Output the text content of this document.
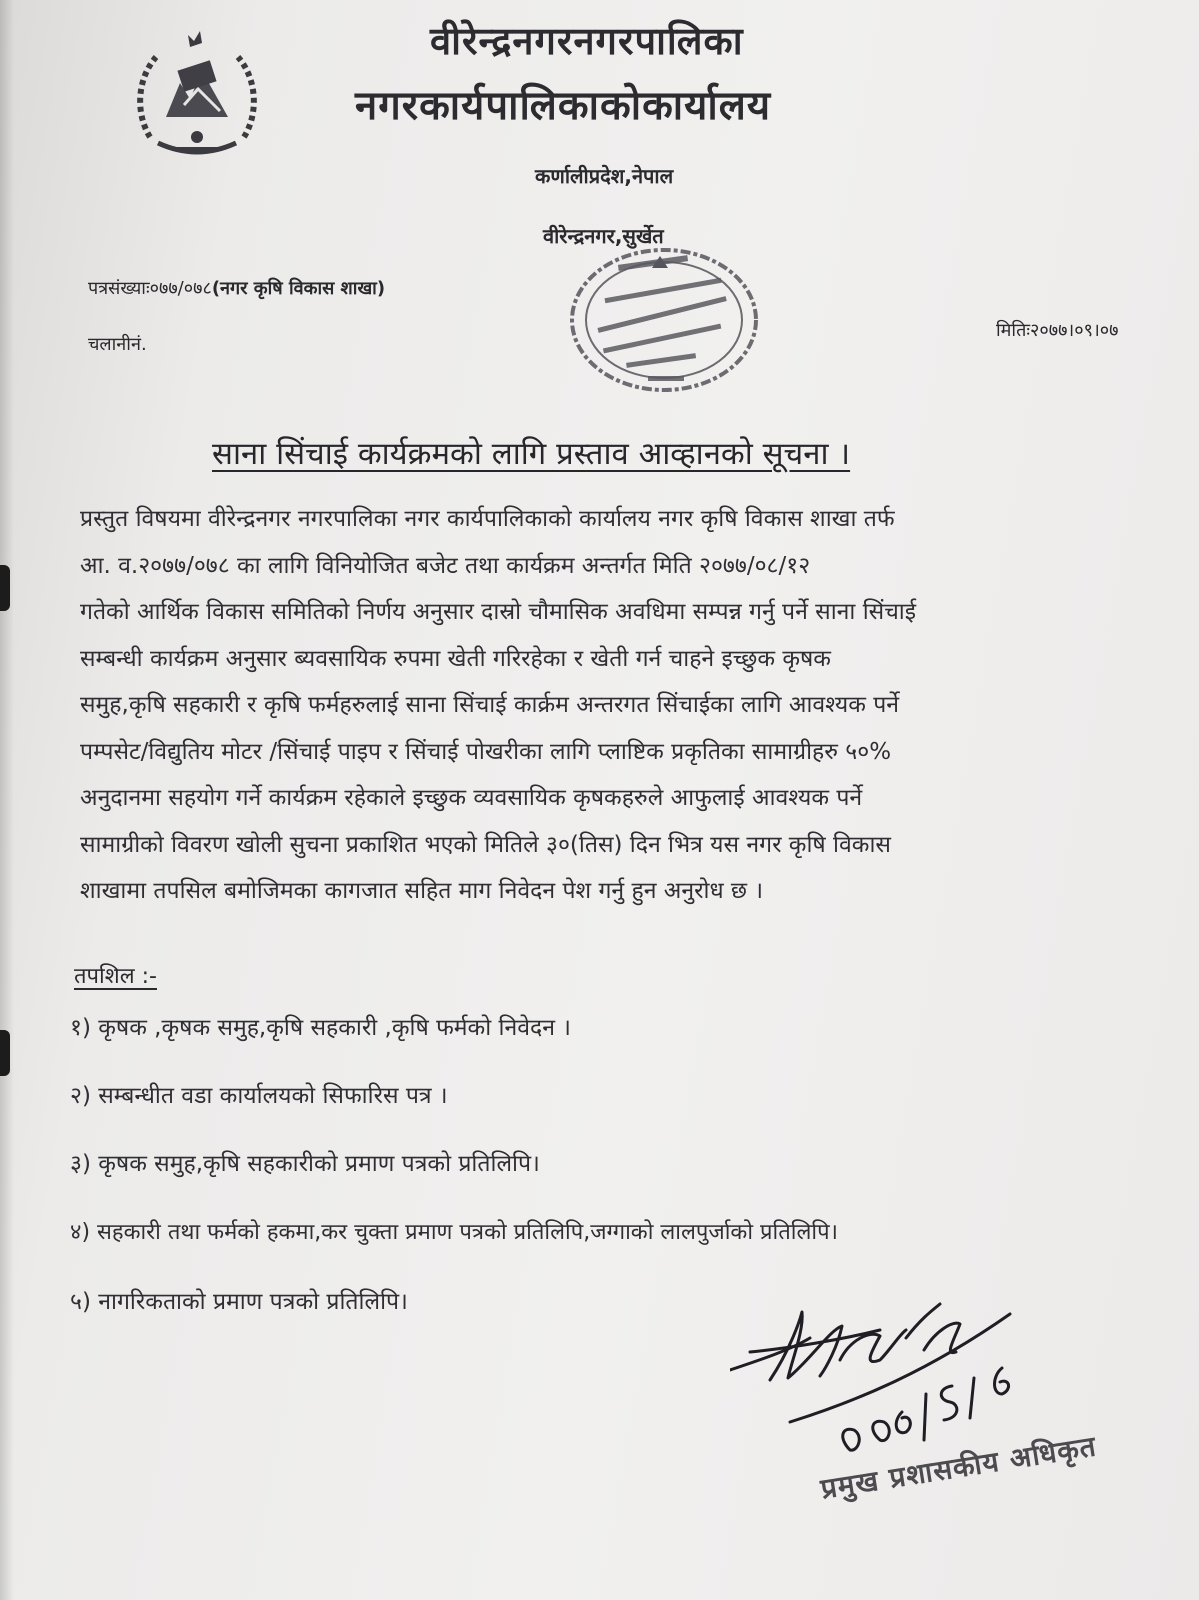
वीरेन्द्रनगरनगरपालिका
नगरकार्यपालिकाकोकार्यालय
कर्णालीप्रदेश,नेपाल
वीरेन्द्रनगर,सुर्खेत
पत्रसंख्याः०७७/०७८(नगर कृषि विकास शाखा)
चलानीनं.
मितिः२०७७।०९।०७
साना सिंचाई कार्यक्रमको लागि प्रस्ताव आव्हानको सूचना ।
प्रस्तुत विषयमा वीरेन्द्रनगर नगरपालिका नगर कार्यपालिकाको कार्यालय नगर कृषि विकास शाखा तर्फ
आ. व.२०७७/०७८ का लागि विनियोजित बजेट तथा कार्यक्रम अन्तर्गत मिति २०७७/०८/१२
गतेको आर्थिक विकास समितिको निर्णय अनुसार दास्रो चौमासिक अवधिमा सम्पन्न गर्नु पर्ने साना सिंचाई
सम्बन्धी कार्यक्रम अनुसार ब्यवसायिक रुपमा खेती गरिरहेका र खेती गर्न चाहने इच्छुक कृषक
समुह,कृषि सहकारी र कृषि फर्महरुलाई साना सिंचाई कार्क्रम अन्तरगत सिंचाईका लागि आवश्यक पर्ने
पम्पसेट/विद्युतिय मोटर /सिंचाई पाइप र सिंचाई पोखरीका लागि प्लाष्टिक प्रकृतिका सामाग्रीहरु ५०%
अनुदानमा सहयोग गर्ने कार्यक्रम रहेकाले इच्छुक व्यवसायिक कृषकहरुले आफुलाई आवश्यक पर्ने
सामाग्रीको विवरण खोली सुचना प्रकाशित भएको मितिले ३०(तिस) दिन भित्र यस नगर कृषि विकास
शाखामा तपसिल बमोजिमका कागजात सहित माग निवेदन पेश गर्नु हुन अनुरोध छ ।
तपशिल :-
१) कृषक ,कृषक समुह,कृषि सहकारी ,कृषि फर्मको निवेदन ।
२) सम्बन्धीत वडा कार्यालयको सिफारिस पत्र ।
३) कृषक समुह,कृषि सहकारीको प्रमाण पत्रको प्रतिलिपि।
४) सहकारी तथा फर्मको हकमा,कर चुक्ता प्रमाण पत्रको प्रतिलिपि,जग्गाको लालपुर्जाको प्रतिलिपि।
५) नागरिकताको प्रमाण पत्रको प्रतिलिपि।
प्रमुख प्रशासकीय अधिकृत
